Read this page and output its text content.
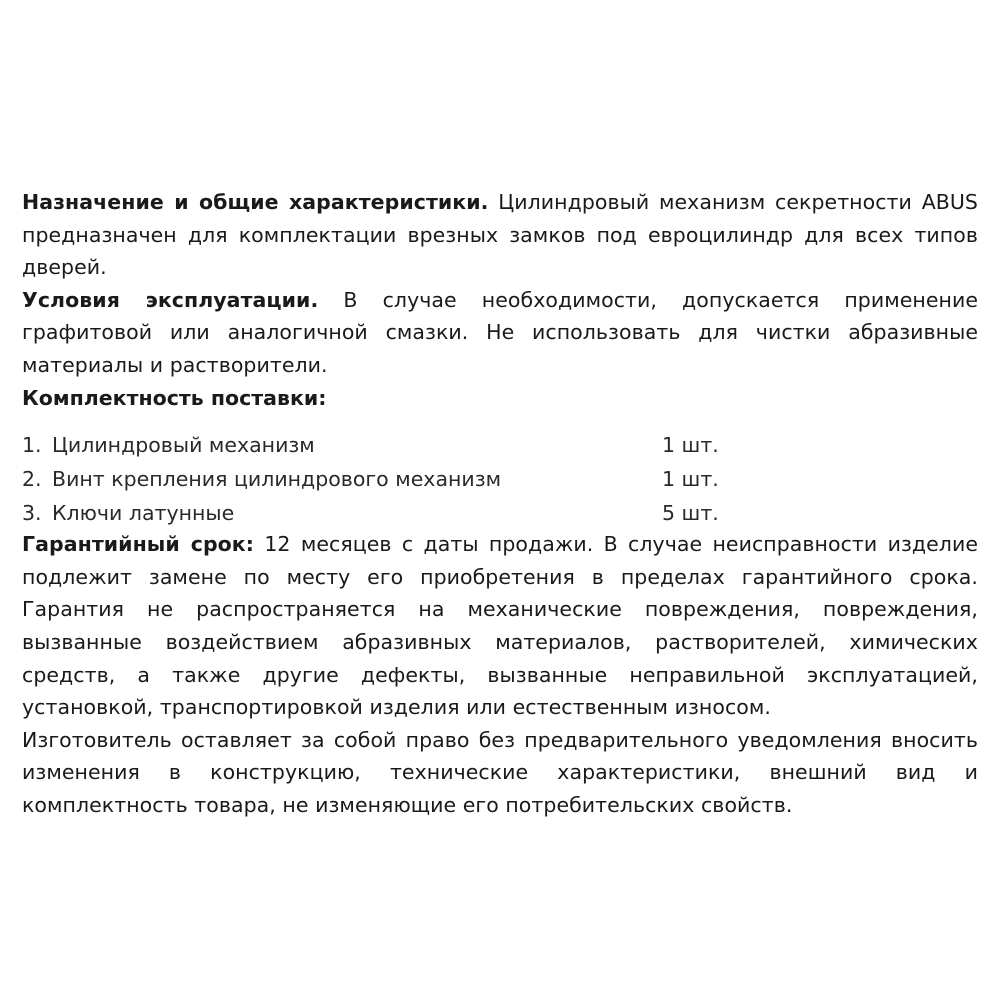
Назначение и общие характеристики. Цилиндровый механизм секретности ABUS предназначен для комплектации врезных замков под евроцилиндр для всех типов дверей.

Условия эксплуатации. В случае необходимости, допускается применение графитовой или аналогичной смазки. Не использовать для чистки абразивные материалы и растворители.

Комплектность поставки:

1. Цилиндровый механизм	1 шт.
2. Винт крепления цилиндрового механизм	1 шт.
3. Ключи латунные	5 шт.

Гарантийный срок: 12 месяцев с даты продажи. В случае неисправности изделие подлежит замене по месту его приобретения в пределах гарантийного срока. Гарантия не распространяется на механические повреждения, повреждения, вызванные воздействием абразивных материалов, растворителей, химических средств, а также другие дефекты, вызванные неправильной эксплуатацией, установкой, транспортировкой изделия или естественным износом.

Изготовитель оставляет за собой право без предварительного уведомления вносить изменения в конструкцию, технические характеристики, внешний вид и комплектность товара, не изменяющие его потребительских свойств.
